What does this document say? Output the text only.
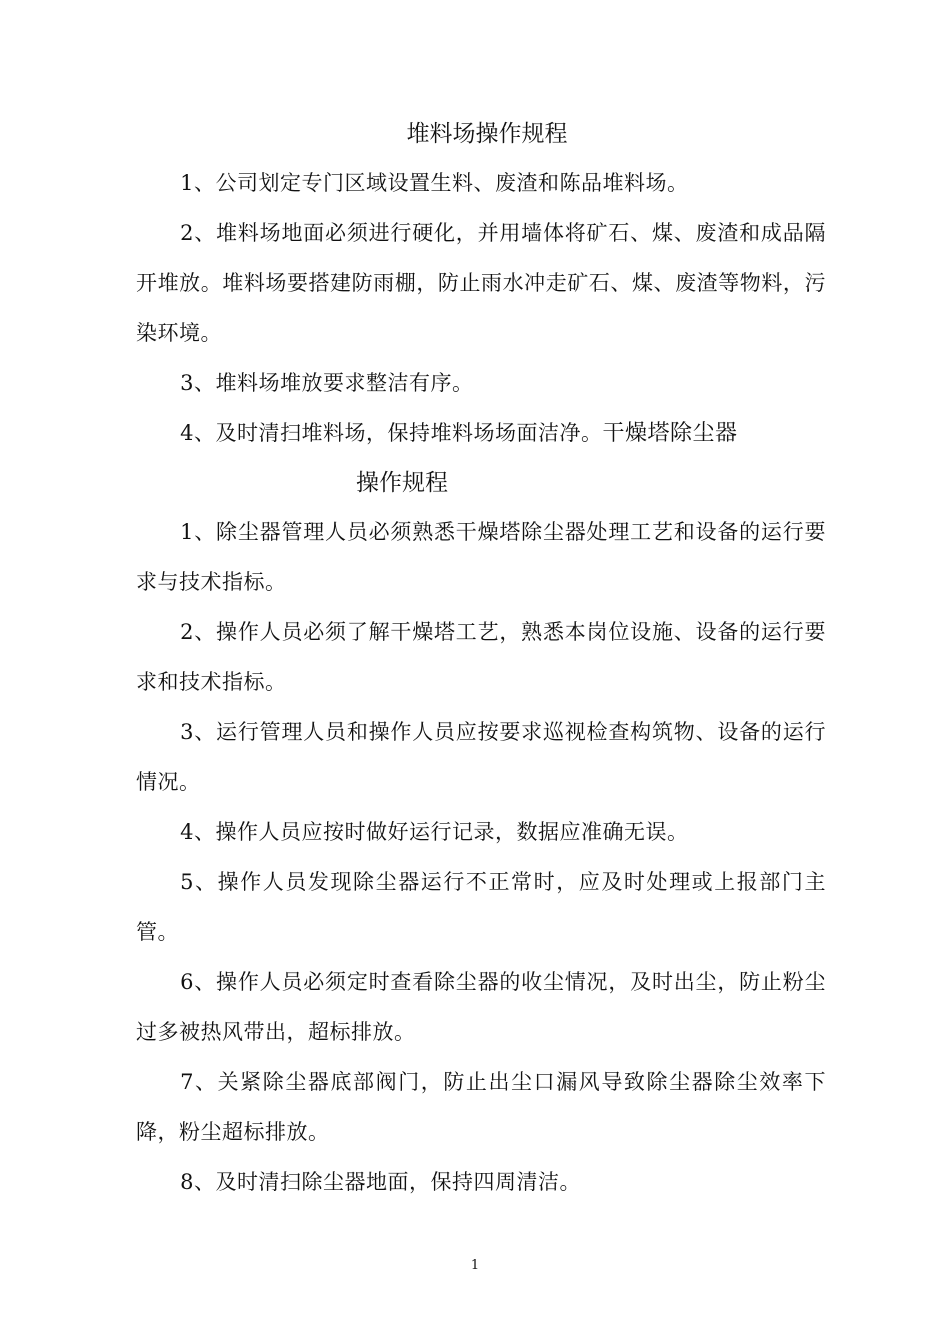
堆料场操作规程

1、公司划定专门区域设置生料、废渣和陈品堆料场。

2、堆料场地面必须进行硬化，并用墙体将矿石、煤、废渣和成品隔开堆放。堆料场要搭建防雨棚，防止雨水冲走矿石、煤、废渣等物料，污染环境。

3、堆料场堆放要求整洁有序。

4、及时清扫堆料场，保持堆料场场面洁净。干燥塔除尘器

操作规程

1、除尘器管理人员必须熟悉干燥塔除尘器处理工艺和设备的运行要求与技术指标。

2、操作人员必须了解干燥塔工艺，熟悉本岗位设施、设备的运行要求和技术指标。

3、运行管理人员和操作人员应按要求巡视检查构筑物、设备的运行情况。

4、操作人员应按时做好运行记录，数据应准确无误。

5、操作人员发现除尘器运行不正常时，应及时处理或上报部门主管。

6、操作人员必须定时查看除尘器的收尘情况，及时出尘，防止粉尘过多被热风带出，超标排放。

7、关紧除尘器底部阀门，防止出尘口漏风导致除尘器除尘效率下降，粉尘超标排放。

8、及时清扫除尘器地面，保持四周清洁。

1
